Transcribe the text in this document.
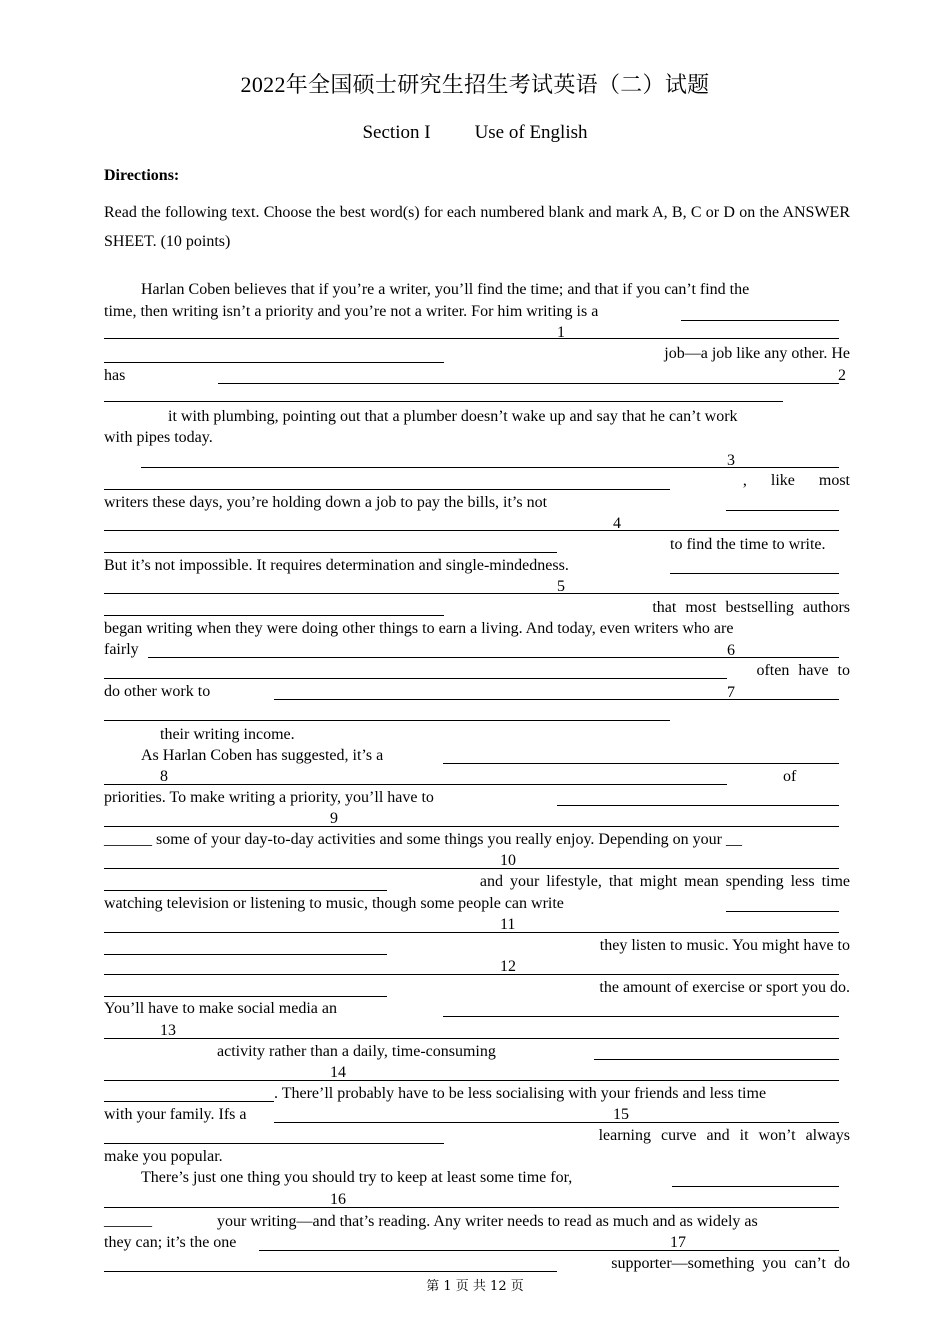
2022年全国硕士研究生招生考试英语（二）试题
Section I Use of English
Directions:
Read the following text. Choose the best word(s) for each numbered blank and mark A, B, C or D on the ANSWER SHEET. (10 points)
Harlan Coben believes that if you’re a writer, you’ll find the time; and that if you can’t find the
time, then writing isn’t a priority and you’re not a writer. For him writing is a
1
job—a job like any other. He
has	2
it with plumbing, pointing out that a plumber doesn’t wake up and say that he can’t work
with pipes today.
3
, like most
writers these days, you’re holding down a job to pay the bills, it’s not
4
to find the time to write.
But it’s not impossible. It requires determination and single-mindedness.
5
that most bestselling authors
began writing when they were doing other things to earn a living. And today, even writers who are
fairly	6
often have to
do other work to	7
their writing income.
As Harlan Coben has suggested, it’s a
8	of
priorities. To make writing a priority, you’ll have to
9
______ some of your day-to-day activities and some things you really enjoy. Depending on your __
10
and your lifestyle, that might mean spending less time
watching television or listening to music, though some people can write
11
they listen to music. You might have to
12
the amount of exercise or sport you do.
You’ll have to make social media an
13
activity rather than a daily, time-consuming
14
. There’ll probably have to be less socialising with your friends and less time
with your family. Ifs a	15
learning curve and it won’t always
make you popular.
There’s just one thing you should try to keep at least some time for,
16
______	your writing—and that’s reading. Any writer needs to read as much and as widely as
they can; it’s the one	17
supporter—something you can’t do
第 1 页 共 12 页
